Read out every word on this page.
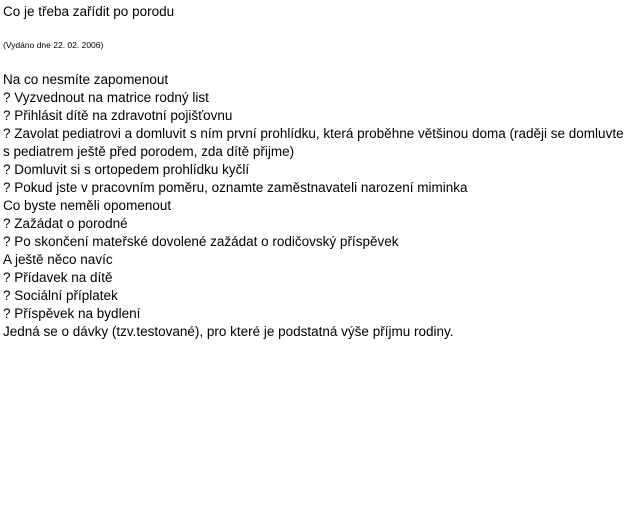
Co je třeba zařídit po porodu
(Vydáno dne 22. 02. 2006)
Na co nesmíte zapomenout
? Vyzvednout na matrice rodný list
? Přihlásit dítě na zdravotní pojišťovnu
? Zavolat pediatrovi a domluvit s ním první prohlídku, která proběhne většinou doma (raději se domluvte s pediatrem ještě před porodem, zda dítě přijme)
? Domluvit si s ortopedem prohlídku kyčlí
? Pokud jste v pracovním poměru, oznamte zaměstnavateli narození miminka
Co byste neměli opomenout
? Zažádat o porodné
? Po skončení mateřské dovolené zažádat o rodičovský příspěvek
A ještě něco navíc
? Přídavek na dítě
? Sociální příplatek
? Příspěvek na bydlení
Jedná se o dávky (tzv.testované), pro které je podstatná výše příjmu rodiny.
